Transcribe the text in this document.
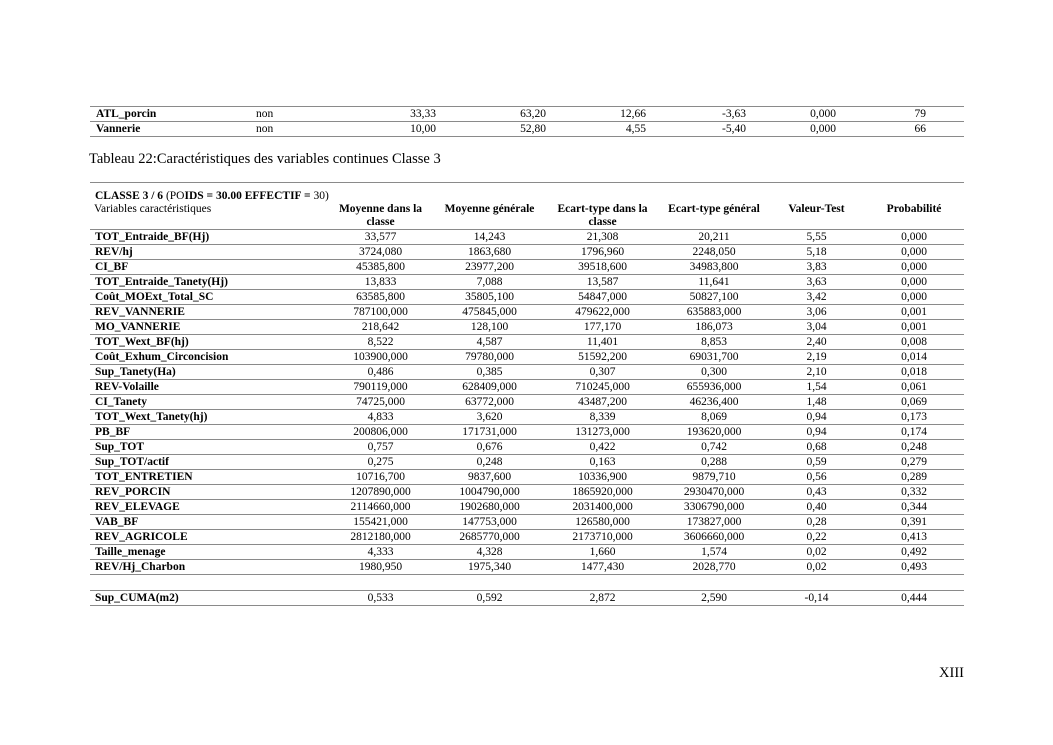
ATL_porcin	non	33,33	63,20	12,66	-3,63	0,000	79
Vannerie	non	10,00	52,80	4,55	-5,40	0,000	66
Tableau 22:Caractéristiques des variables continues Classe 3
CLASSE 3 / 6 (POIDS = 30.00 EFFECTIF = 30)						
Variables caractéristiques	Moyenne dans la classe	Moyenne générale	Ecart-type dans la classe	Ecart-type général	Valeur-Test	Probabilité
TOT_Entraide_BF(Hj)	33,577	14,243	21,308	20,211	5,55	0,000
REV/hj	3724,080	1863,680	1796,960	2248,050	5,18	0,000
CI_BF	45385,800	23977,200	39518,600	34983,800	3,83	0,000
TOT_Entraide_Tanety(Hj)	13,833	7,088	13,587	11,641	3,63	0,000
Coût_MOExt_Total_SC	63585,800	35805,100	54847,000	50827,100	3,42	0,000
REV_VANNERIE	787100,000	475845,000	479622,000	635883,000	3,06	0,001
MO_VANNERIE	218,642	128,100	177,170	186,073	3,04	0,001
TOT_Wext_BF(hj)	8,522	4,587	11,401	8,853	2,40	0,008
Coût_Exhum_Circoncision	103900,000	79780,000	51592,200	69031,700	2,19	0,014
Sup_Tanety(Ha)	0,486	0,385	0,307	0,300	2,10	0,018
REV-Volaille	790119,000	628409,000	710245,000	655936,000	1,54	0,061
CI_Tanety	74725,000	63772,000	43487,200	46236,400	1,48	0,069
TOT_Wext_Tanety(hj)	4,833	3,620	8,339	8,069	0,94	0,173
PB_BF	200806,000	171731,000	131273,000	193620,000	0,94	0,174
Sup_TOT	0,757	0,676	0,422	0,742	0,68	0,248
Sup_TOT/actif	0,275	0,248	0,163	0,288	0,59	0,279
TOT_ENTRETIEN	10716,700	9837,600	10336,900	9879,710	0,56	0,289
REV_PORCIN	1207890,000	1004790,000	1865920,000	2930470,000	0,43	0,332
REV_ELEVAGE	2114660,000	1902680,000	2031400,000	3306790,000	0,40	0,344
VAB_BF	155421,000	147753,000	126580,000	173827,000	0,28	0,391
REV_AGRICOLE	2812180,000	2685770,000	2173710,000	3606660,000	0,22	0,413
Taille_menage	4,333	4,328	1,660	1,574	0,02	0,492
REV/Hj_Charbon	1980,950	1975,340	1477,430	2028,770	0,02	0,493

Sup_CUMA(m2)	0,533	0,592	2,872	2,590	-0,14	0,444
XIII
